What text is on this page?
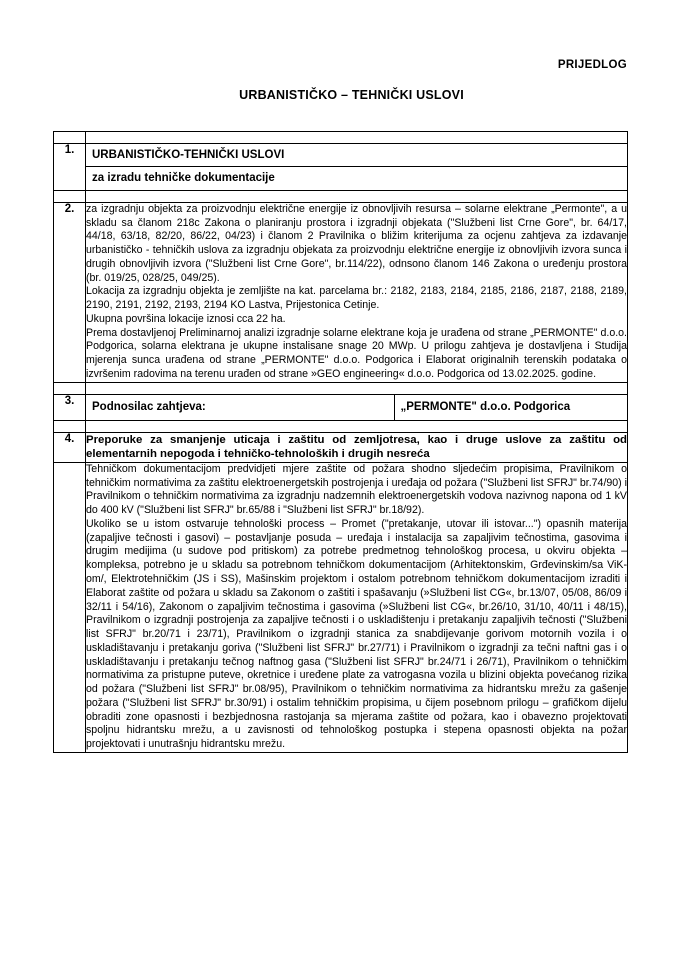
PRIJEDLOG
URBANISTIČKO – TEHNIČKI USLOVI

1.	URBANISTIČKO-TEHNIČKI USLOVI
za izradu tehničke dokumentacije

2.	za izgradnju objekta za proizvodnju električne energije iz obnovljivih resursa – solarne elektrane „Permonte", a u skladu sa članom 218c Zakona o planiranju prostora i izgradnji objekata ("Službeni list Crne Gore", br. 64/17, 44/18, 63/18, 82/20, 86/22, 04/23) i članom 2 Pravilnika o bližim kriterijuma za ocjenu zahtjeva za izdavanje urbanističko - tehničkih uslova za izgradnju objekata za proizvodnju električne energije iz obnovljivih izvora sunca i drugih obnovljivih izvora ("Službeni list Crne Gore", br.114/22), odnsono članom 146 Zakona o uređenju prostora (br. 019/25, 028/25, 049/25).

Lokacija za izgradnju objekta je zemljište na kat. parcelama br.: 2182, 2183, 2184, 2185, 2186, 2187, 2188, 2189, 2190, 2191, 2192, 2193, 2194 KO Lastva, Prijestonica Cetinje.

Ukupna površina lokacije iznosi cca 22 ha.

Prema dostavljenoj Preliminarnoj analizi izgradnje solarne elektrane koja je urađena od strane „PERMONTE" d.o.o. Podgorica, solarna elektrana je ukupne instalisane snage 20 MWp. U prilogu zahtjeva je dostavljena i Studija mjerenja sunca urađena od strane „PERMONTE" d.o.o. Podgorica i Elaborat originalnih terenskih podataka o izvršenim radovima na terenu urađen od strane »GEO engineering« d.o.o. Podgorica od 13.02.2025. godine.

3.	Podnosilac zahtjeva:	„PERMONTE" d.o.o. Podgorica

4.	Preporuke za smanjenje uticaja i zaštitu od zemljotresa, kao i druge uslove za zaštitu od elementarnih nepogoda i tehničko-tehnoloških i drugih nesreća

	Tehničkom dokumentacijom predvidjeti mjere zaštite od požara shodno sljedećim propisima, Pravilnikom o tehničkim normativima za zaštitu elektroenergetskih postrojenja i uređaja od požara ("Službeni list SFRJ" br.74/90) i Pravilnikom o tehničkim normativima za izgradnju nadzemnih elektroenergetskih vodova nazivnog napona od 1 kV do 400 kV ("Službeni list SFRJ" br.65/88 i "Službeni list SFRJ" br.18/92).

Ukoliko se u istom ostvaruje tehnološki process – Promet ("pretakanje, utovar ili istovar...") opasnih materija (zapaljive tečnosti i gasovi) – postavljanje posuda – uređaja i instalacija sa zapaljivim tečnostima, gasovima i drugim medijima (u sudove pod pritiskom) za potrebe predmetnog tehnološkog procesa, u okviru objekta – kompleksa, potrebno je u skladu sa potrebnom tehničkom dokumentacijom (Arhitektonskim, Grđevinskim/sa ViK-om/, Elektrotehničkim (JS i SS), Mašinskim projektom i ostalom potrebnom tehničkom dokumentacijom izraditi i Elaborat zaštite od požara u skladu sa Zakonom o zaštiti i spašavanju (»Službeni list CG«, br.13/07, 05/08, 86/09 i 32/11 i 54/16), Zakonom o zapaljivim tečnostima i gasovima (»Službeni list CG«, br.26/10, 31/10, 40/11 i 48/15), Pravilnikom o izgradnji postrojenja za zapaljive tečnosti i o uskladištenju i pretakanju zapaljivih tečnosti ("Službeni list SFRJ" br.20/71 i 23/71), Pravilnikom o izgradnji stanica za snabdijevanje gorivom motornih vozila i o uskladištavanju i pretakanju goriva ("Službeni list SFRJ" br.27/71) i Pravilnikom o izgradnji za tečni naftni gas i o uskladištavanju i pretakanju tečnog naftnog gasa ("Službeni list SFRJ" br.24/71 i 26/71), Pravilnikom o tehničkim normativima za pristupne puteve, okretnice i uređene plate za vatrogasna vozila u blizini objekta povećanog rizika od požara ("Službeni list SFRJ" br.08/95), Pravilnikom o tehničkim normativima za hidrantsku mrežu za gašenje požara ("Službeni list SFRJ" br.30/91) i ostalim tehničkim propisima, u čijem posebnom prilogu – grafičkom dijelu obraditi zone opasnosti i bezbjednosna rastojanja sa mjerama zaštite od požara, kao i obavezno projektovati spoljnu hidrantsku mrežu, a u zavisnosti od tehnološkog postupka i stepena opasnosti objekta na požar projektovati i unutrašnju hidrantsku mrežu.
